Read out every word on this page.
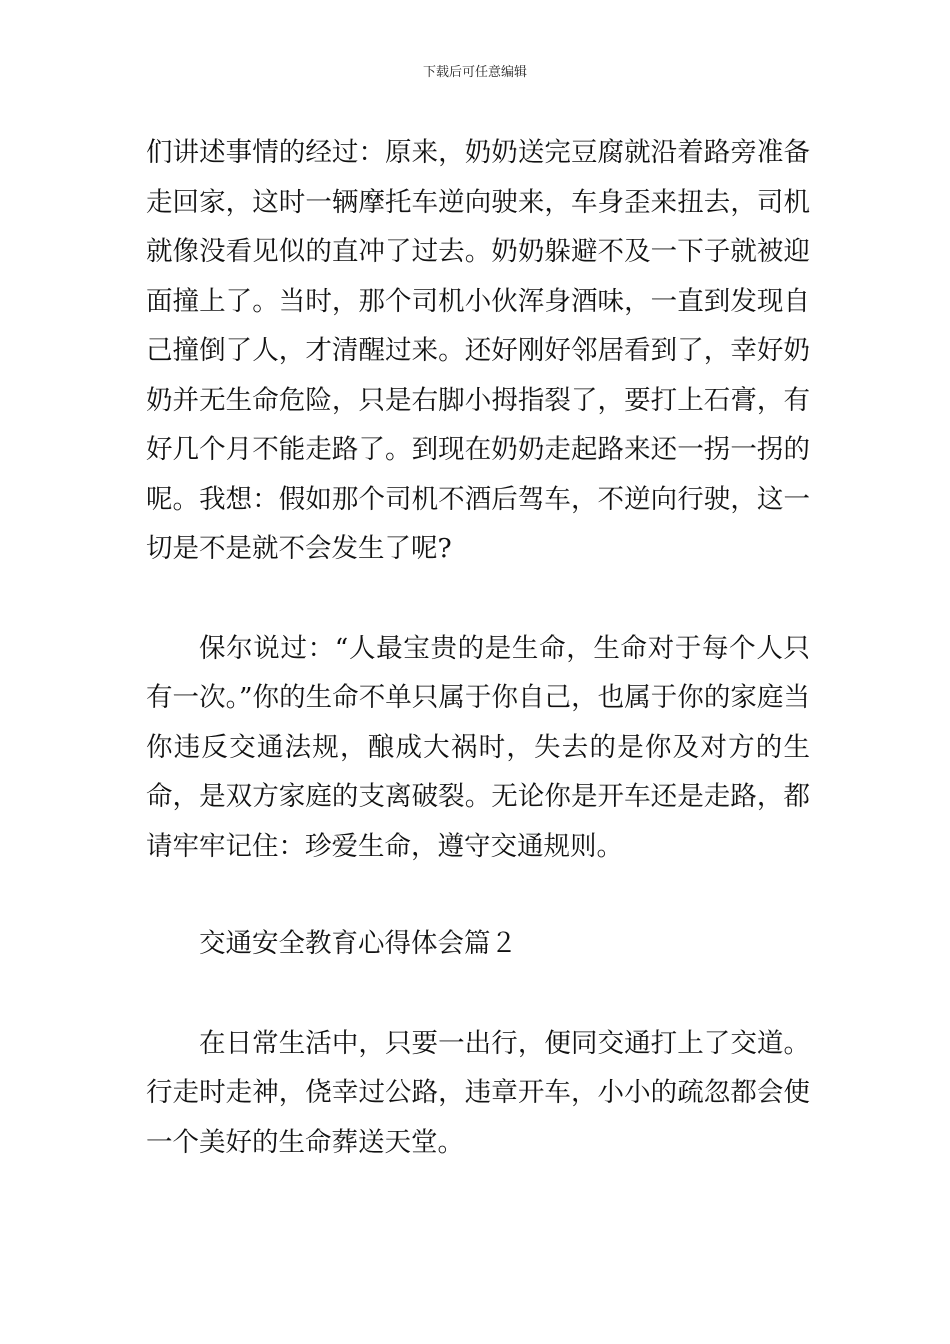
下载后可任意编辑

们讲述事情的经过：原来，奶奶送完豆腐就沿着路旁准备走回家，这时一辆摩托车逆向驶来，车身歪来扭去，司机就像没看见似的直冲了过去。奶奶躲避不及一下子就被迎面撞上了。当时，那个司机小伙浑身酒味，一直到发现自己撞倒了人，才清醒过来。还好刚好邻居看到了，幸好奶奶并无生命危险，只是右脚小拇指裂了，要打上石膏，有好几个月不能走路了。到现在奶奶走起路来还一拐一拐的呢。我想：假如那个司机不酒后驾车，不逆向行驶，这一切是不是就不会发生了呢?

保尔说过：“人最宝贵的是生命，生命对于每个人只有一次。”你的生命不单只属于你自己，也属于你的家庭当你违反交通法规，酿成大祸时，失去的是你及对方的生命，是双方家庭的支离破裂。无论你是开车还是走路，都请牢牢记住：珍爱生命，遵守交通规则。

交通安全教育心得体会篇２

在日常生活中，只要一出行，便同交通打上了交道。行走时走神，侥幸过公路，违章开车，小小的疏忽都会使一个美好的生命葬送天堂。
